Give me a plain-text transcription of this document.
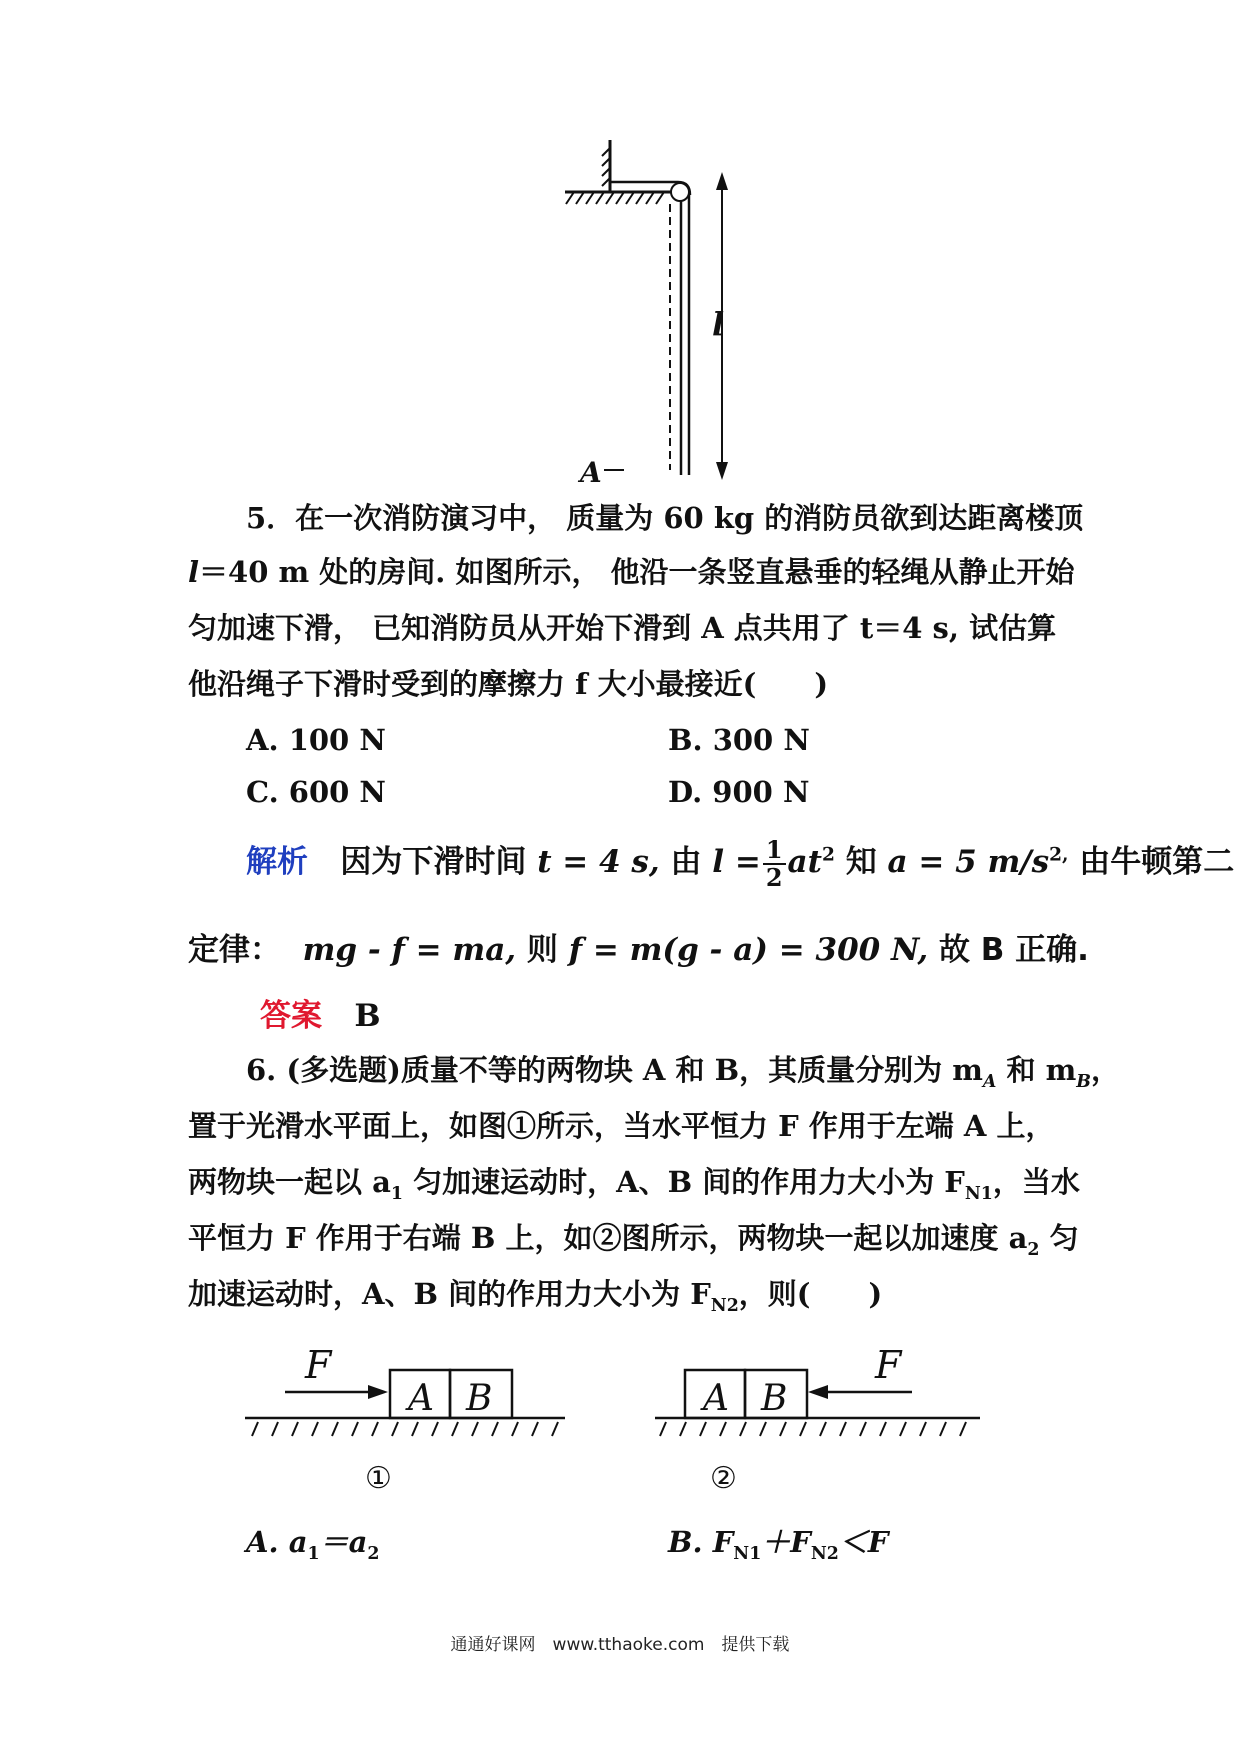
l
A
5．在一次消防演习中， 质量为 60 kg 的消防员欲到达距离楼顶
l＝40 m 处的房间. 如图所示， 他沿一条竖直悬垂的轻绳从静止开始
匀加速下滑， 已知消防员从开始下滑到 A 点共用了 t＝4 s, 试估算
他沿绳子下滑时受到的摩擦力 f 大小最接近(　　)
A. 100 N	B. 300 N
C. 600 N	D. 900 N
解析 因为下滑时间 t = 4 s, 由 $l = \frac{1}{2} at^2$ 知 a = 5 $m/s^{2,}$ 由牛顿第二
定律： mg - f = ma, 则 f = m(g - a) = 300 N, 故 B 正确.
答案 B
6. (多选题)质量不等的两物块 A 和 B，其质量分别为 $m_A$ 和 $m_B$，
置于光滑水平面上，如图①所示，当水平恒力 F 作用于左端 A 上，
两物块一起以 $a_1$ 匀加速运动时，A、B 间的作用力大小为 $F_{N1}$，当水
平恒力 F 作用于右端 B 上，如②图所示，两物块一起以加速度 $a_2$ 匀
加速运动时，A、B 间的作用力大小为 $F_{N2}$，则(　　)
F
A B
①
A B
F
②
A. $a_1=a_2$	B. $F_{N1}+F_{N2}<F$
通通好课网　www.tthaoke.com　提供下载
